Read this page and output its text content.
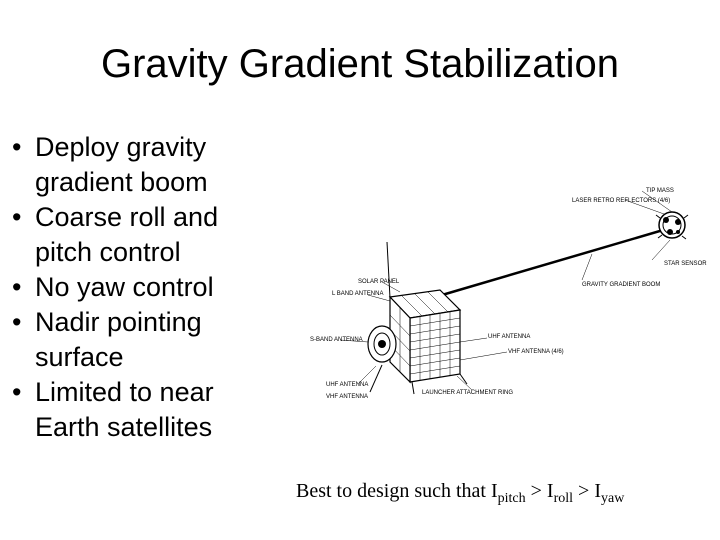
Gravity Gradient Stabilization
• Deploy gravity gradient boom
• Coarse roll and pitch control
• No yaw control
• Nadir pointing surface
• Limited to near Earth satellites
TIP MASS
LASER RETRO REFLECTORS (4/6)
STAR SENSOR
GRAVITY GRADIENT BOOM
SOLAR PANEL
L BAND ANTENNA
S-BAND ANTENNA	UHF ANTENNA
VHF ANTENNA (4/6)
UHF ANTENNA
LAUNCHER ATTACHMENT RING
VHF ANTENNA
Best to design such that $I_{pitch} > I_{roll} > I_{yaw}$
